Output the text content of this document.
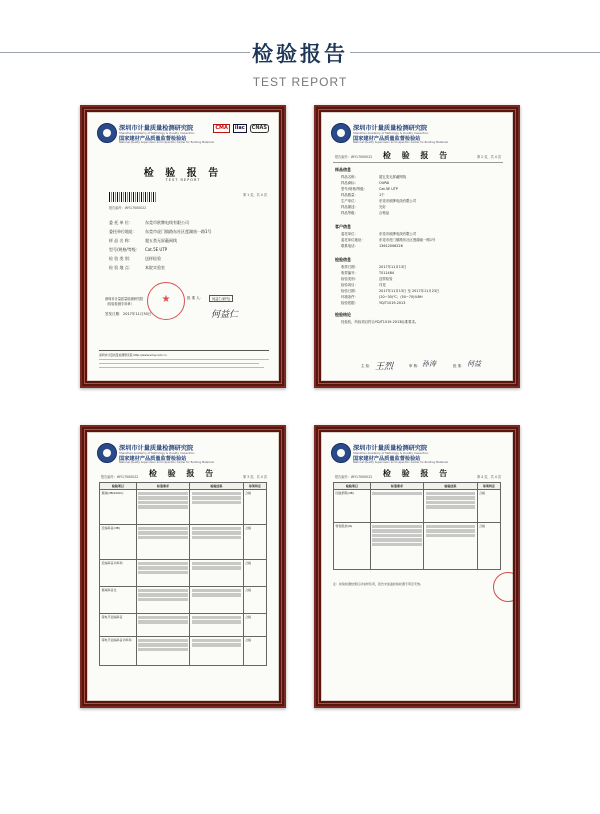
检验报告
TEST REPORT
深圳市计量质量检测研究院
Shenzhen Academy of Metrology & Quality Inspection
国家建材产品质量监督检验站
National Quality Supervision and Inspection Center for Building Materials
CMA	ilac	CNAS
检 验 报 告
TEST REPORT
第 1 页，共 4 页
报告编号：WY17000022
委 托 单 位：	东莞市欧牌电线有限公司
委托单位地址： 东莞市虎门镇路东社区莲湖南一路1号
样 品 名 称：	超五类无屏蔽网线
型号/规格/等级： Cat.5E UTP
检 验 类 别：	送样检验
检 验 地 点：	本院实验室
★
深圳市计量质量检测研究院
（检验检测专用章）
批 准 人：	何益仁(研究)
签发日期： 2017年11月30日	何益仁
深圳市计量质量检测研究院 http://www.smq.com.cn
深圳市计量质量检测研究院
Shenzhen Academy of Metrology & Quality Inspection
国家建材产品质量监督检验站
National Quality Supervision and Inspection Center for Building Materials
报告编号：WY17000022	检 验 报 告	第 2 页，共 4 页
样品信息
样品名称：	超五类无屏蔽网线
样品商标：	OUPAI
型号/规格/等级：	Cat.5E UTP
样品数量：	1个
生产单位：	东莞市欧牌电线有限公司
样品描述：	完好
样品等级：	合格品
客户信息
委托单位：	东莞市欧牌电线有限公司
委托单位地址：	东莞市虎门镇路东社区莲湖南一路1号
联系电话：	13612006226
检验信息
收样日期：	2017年11月13日
收样编号：	T011484
检验类别：	送样检验
检验项目：	详见
检验日期：	2017年11月13日 至 2017年11月23日
环境条件：	(20~30)℃；(50~70)%RH
检验依据：	YD/T1019-2013
检验结论
经检验，所检项目符合YD/T1019-2013标准要求。
主 检： 王烈	审 核： 孙涛	批 准： 何益
深圳市计量质量检测研究院
Shenzhen Academy of Metrology & Quality Inspection
国家建材产品质量监督检验站
National Quality Supervision and Inspection Center for Building Materials
报告编号：WY17000022	检 验 报 告	第 3 页，共 4 页
检验项目	标准要求	检验结果	单项判定
衰减(dB/100m)			合格
近端串音(dB)			合格
近端串音功率和			合格
衰减串音比			合格
等电平远端串音			合格
等电平远端串音功率和			合格
深圳市计量质量检测研究院
Shenzhen Academy of Metrology & Quality Inspection
国家建材产品质量监督检验站
National Quality Supervision and Inspection Center for Building Materials
报告编号：WY17000022	检 验 报 告	第 4 页，共 4 页
检验项目	标准要求	检验结果	单项判定
回波损耗(dB)			合格
特性阻抗(Ω)			合格
注：检验检测结果仅对来样负责，报告未加盖检验检测专用章无效。
